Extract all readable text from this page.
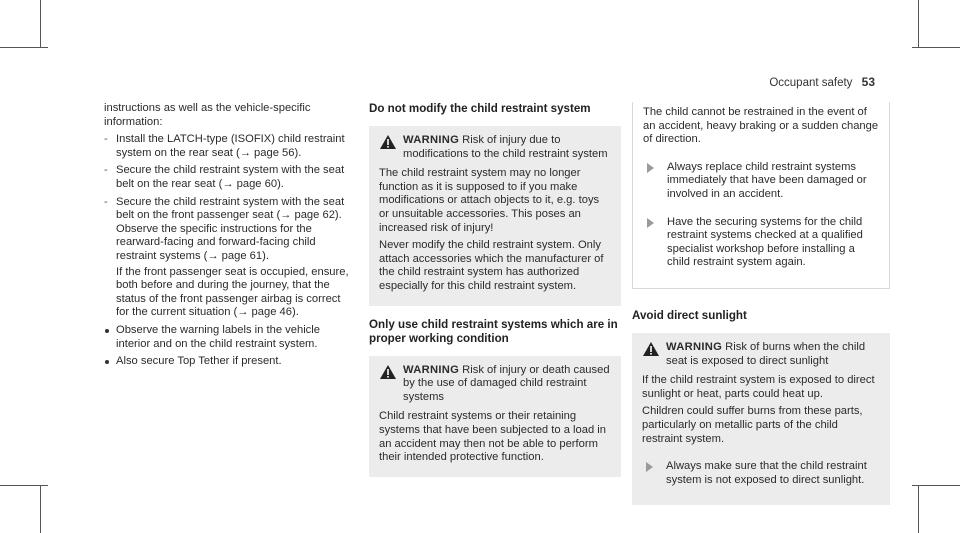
Occupant safety 53

instructions as well as the vehicle-specific information:

- Install the LATCH-type (ISOFIX) child restraint system on the rear seat (→ page 56).
- Secure the child restraint system with the seat belt on the rear seat (→ page 60).
- Secure the child restraint system with the seat belt on the front passenger seat (→ page 62). Observe the specific instructions for the rearward-facing and forward-facing child restraint systems (→ page 61).
If the front passenger seat is occupied, ensure, both before and during the journey, that the status of the front passenger airbag is correct for the current situation (→ page 46).
Observe the warning labels in the vehicle interior and on the child restraint system.
Also secure Top Tether if present.
Do not modify the child restraint system
WARNING Risk of injury due to modifications to the child restraint system

The child restraint system may no longer function as it is supposed to if you make modifications or attach objects to it, e.g. toys or unsuitable accessories. This poses an increased risk of injury!

Never modify the child restraint system. Only attach accessories which the manufacturer of the child restraint system has authorized especially for this child restraint system.

Only use child restraint systems which are in proper working condition
WARNING Risk of injury or death caused by the use of damaged child restraint systems

Child restraint systems or their retaining systems that have been subjected to a load in an accident may then not be able to perform their intended protective function.

The child cannot be restrained in the event of an accident, heavy braking or a sudden change of direction.

Always replace child restraint systems immediately that have been damaged or involved in an accident.
Have the securing systems for the child restraint systems checked at a qualified specialist workshop before installing a child restraint system again.
Avoid direct sunlight
WARNING Risk of burns when the child seat is exposed to direct sunlight

If the child restraint system is exposed to direct sunlight or heat, parts could heat up.

Children could suffer burns from these parts, particularly on metallic parts of the child restraint system.

Always make sure that the child restraint system is not exposed to direct sunlight.
